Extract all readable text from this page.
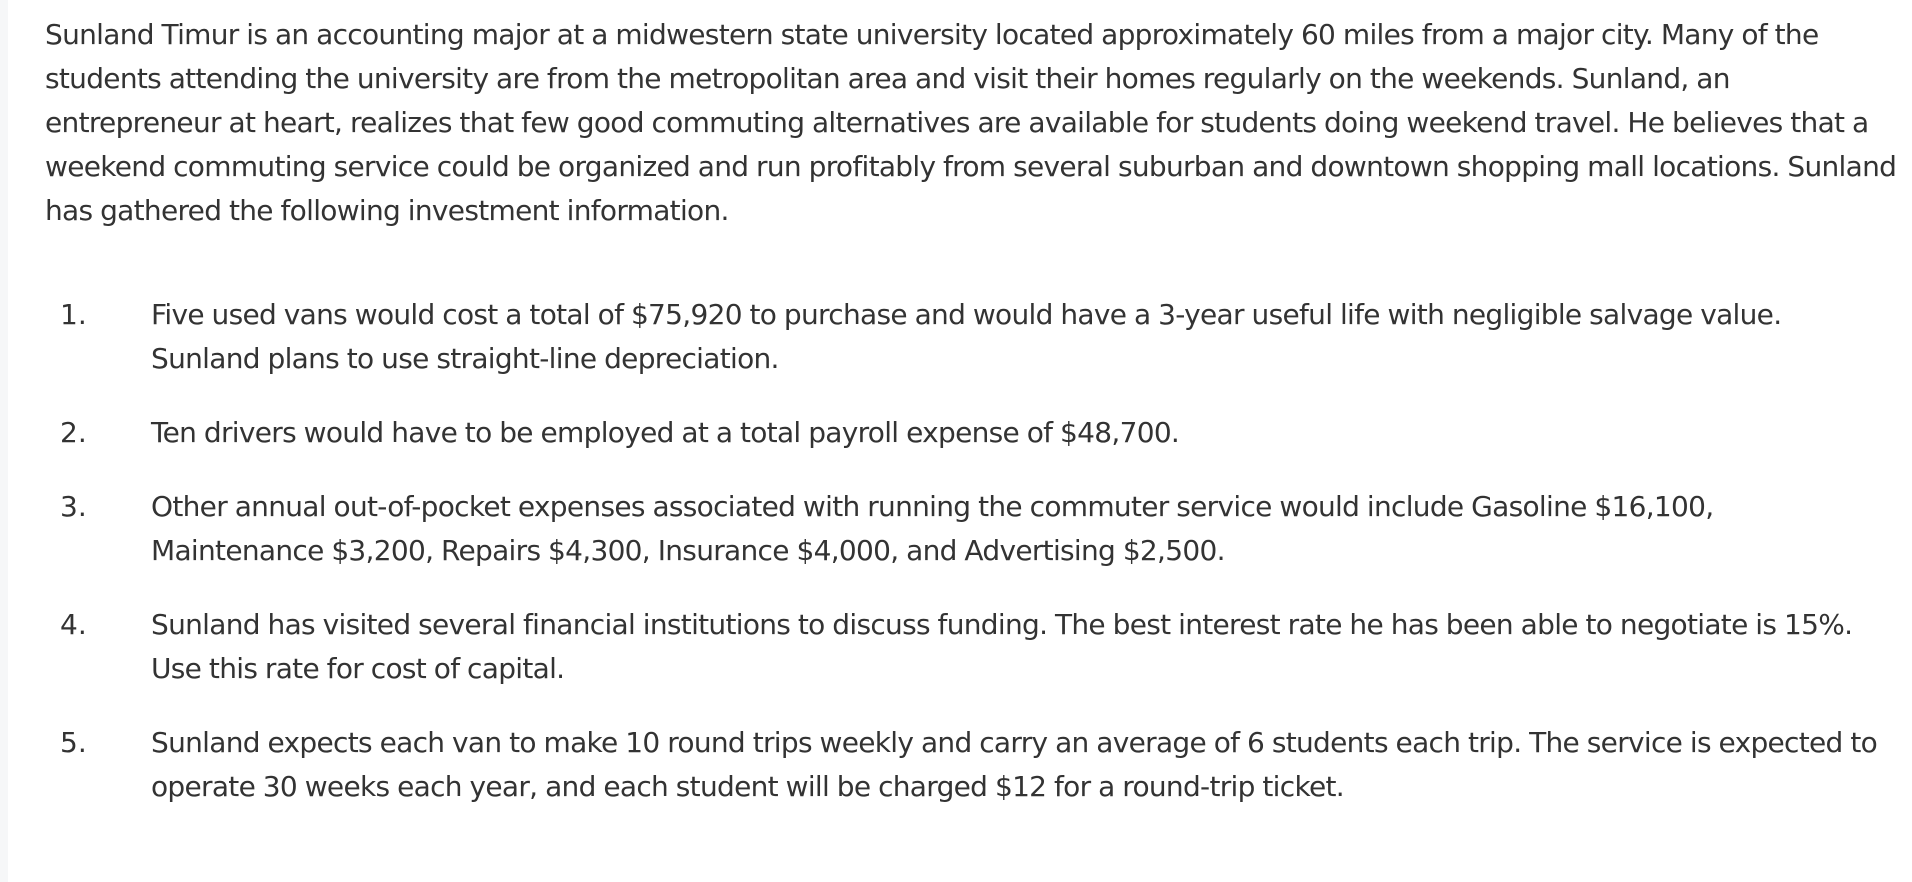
Sunland Timur is an accounting major at a midwestern state university located approximately 60 miles from a major city. Many of the students attending the university are from the metropolitan area and visit their homes regularly on the weekends. Sunland, an entrepreneur at heart, realizes that few good commuting alternatives are available for students doing weekend travel. He believes that a weekend commuting service could be organized and run profitably from several suburban and downtown shopping mall locations. Sunland has gathered the following investment information.

1. Five used vans would cost a total of $75,920 to purchase and would have a 3-year useful life with negligible salvage value. Sunland plans to use straight-line depreciation.
2. Ten drivers would have to be employed at a total payroll expense of $48,700.
3. Other annual out-of-pocket expenses associated with running the commuter service would include Gasoline $16,100, Maintenance $3,200, Repairs $4,300, Insurance $4,000, and Advertising $2,500.
4. Sunland has visited several financial institutions to discuss funding. The best interest rate he has been able to negotiate is 15%. Use this rate for cost of capital.
5. Sunland expects each van to make 10 round trips weekly and carry an average of 6 students each trip. The service is expected to operate 30 weeks each year, and each student will be charged $12 for a round-trip ticket.
